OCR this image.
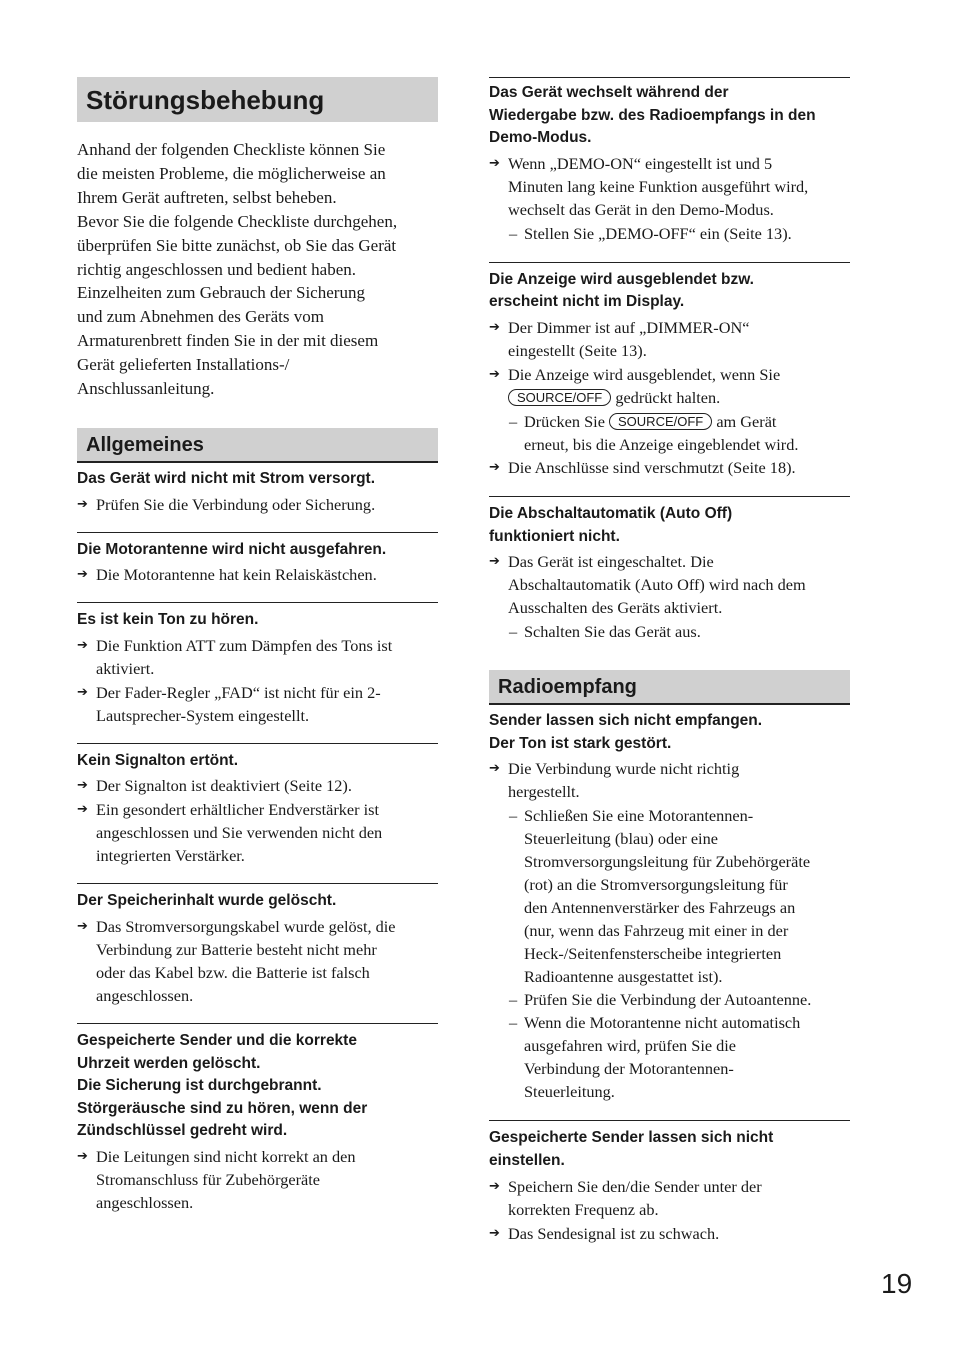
Störungsbehebung
Anhand der folgenden Checkliste können Sie
die meisten Probleme, die möglicherweise an
Ihrem Gerät auftreten, selbst beheben.
Bevor Sie die folgende Checkliste durchgehen,
überprüfen Sie bitte zunächst, ob Sie das Gerät
richtig angeschlossen und bedient haben.
Einzelheiten zum Gebrauch der Sicherung
und zum Abnehmen des Geräts vom
Armaturenbrett finden Sie in der mit diesem
Gerät gelieferten Installations-/
Anschlussanleitung.
Allgemeines
Das Gerät wird nicht mit Strom versorgt.
➔ Prüfen Sie die Verbindung oder Sicherung.
Die Motorantenne wird nicht ausgefahren.
➔ Die Motorantenne hat kein Relaiskästchen.
Es ist kein Ton zu hören.
➔ Die Funktion ATT zum Dämpfen des Tons ist
aktiviert.
➔ Der Fader-Regler „FAD“ ist nicht für ein 2-
Lautsprecher-System eingestellt.
Kein Signalton ertönt.
➔ Der Signalton ist deaktiviert (Seite 12).
➔ Ein gesondert erhältlicher Endverstärker ist
angeschlossen und Sie verwenden nicht den
integrierten Verstärker.
Der Speicherinhalt wurde gelöscht.
➔ Das Stromversorgungskabel wurde gelöst, die
Verbindung zur Batterie besteht nicht mehr
oder das Kabel bzw. die Batterie ist falsch
angeschlossen.
Gespeicherte Sender und die korrekte
Uhrzeit werden gelöscht.
Die Sicherung ist durchgebrannt.
Störgeräusche sind zu hören, wenn der
Zündschlüssel gedreht wird.
➔ Die Leitungen sind nicht korrekt an den
Stromanschluss für Zubehörgeräte
angeschlossen.
Das Gerät wechselt während der
Wiedergabe bzw. des Radioempfangs in den
Demo-Modus.
➔ Wenn „DEMO-ON“ eingestellt ist und 5
Minuten lang keine Funktion ausgeführt wird,
wechselt das Gerät in den Demo-Modus.
– Stellen Sie „DEMO-OFF“ ein (Seite 13).
Die Anzeige wird ausgeblendet bzw.
erscheint nicht im Display.
➔ Der Dimmer ist auf „DIMMER-ON“
eingestellt (Seite 13).
➔ Die Anzeige wird ausgeblendet, wenn Sie
SOURCE/OFF gedrückt halten.
– Drücken Sie SOURCE/OFF am Gerät
erneut, bis die Anzeige eingeblendet wird.
➔ Die Anschlüsse sind verschmutzt (Seite 18).
Die Abschaltautomatik (Auto Off)
funktioniert nicht.
➔ Das Gerät ist eingeschaltet. Die
Abschaltautomatik (Auto Off) wird nach dem
Ausschalten des Geräts aktiviert.
– Schalten Sie das Gerät aus.
Radioempfang
Sender lassen sich nicht empfangen.
Der Ton ist stark gestört.
➔ Die Verbindung wurde nicht richtig
hergestellt.
– Schließen Sie eine Motorantennen-
Steuerleitung (blau) oder eine
Stromversorgungsleitung für Zubehörgeräte
(rot) an die Stromversorgungsleitung für
den Antennenverstärker des Fahrzeugs an
(nur, wenn das Fahrzeug mit einer in der
Heck-/Seitenfensterscheibe integrierten
Radioantenne ausgestattet ist).
– Prüfen Sie die Verbindung der Autoantenne.
– Wenn die Motorantenne nicht automatisch
ausgefahren wird, prüfen Sie die
Verbindung der Motorantennen-
Steuerleitung.
Gespeicherte Sender lassen sich nicht
einstellen.
➔ Speichern Sie den/die Sender unter der
korrekten Frequenz ab.
➔ Das Sendesignal ist zu schwach.
19
